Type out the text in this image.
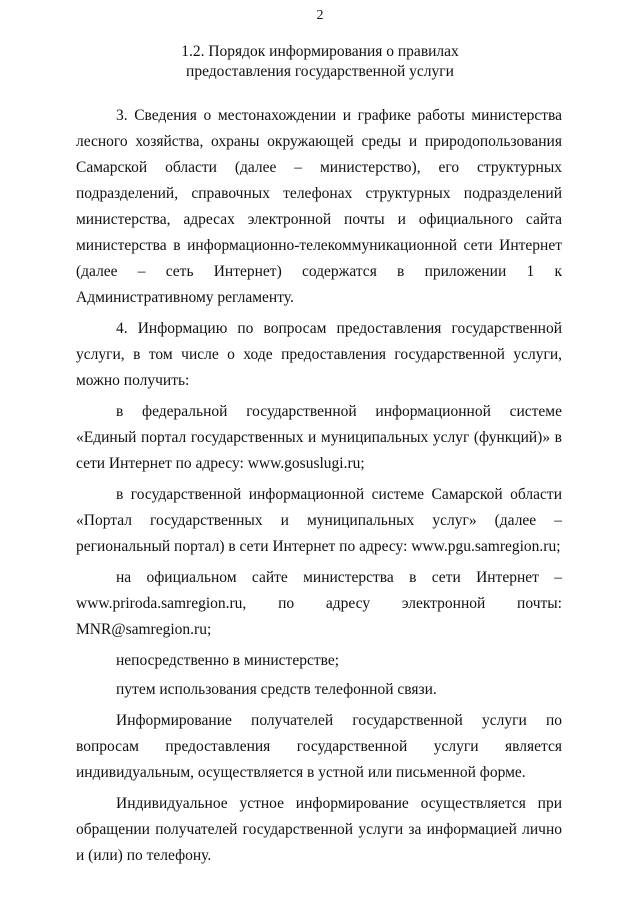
2
1.2. Порядок информирования о правилах
предоставления государственной услуги

3. Сведения о местонахождении и графике работы министерства лесного хозяйства, охраны окружающей среды и природопользования Самарской области (далее – министерство), его структурных подразделений, справочных телефонах структурных подразделений министерства, адресах электронной почты и официального сайта министерства в информационно-телекоммуникационной сети Интернет (далее – сеть Интернет) содержатся в приложении 1 к Административному регламенту.

4. Информацию по вопросам предоставления государственной услуги, в том числе о ходе предоставления государственной услуги, можно получить:

в федеральной государственной информационной системе «Единый портал государственных и муниципальных услуг (функций)» в сети Интернет по адресу: www.gosuslugi.ru;

в государственной информационной системе Самарской области «Портал государственных и муниципальных услуг» (далее – региональный портал) в сети Интернет по адресу: www.pgu.samregion.ru;

на официальном сайте министерства в сети Интернет – www.priroda.samregion.ru, по адресу электронной почты: MNR@samregion.ru;

непосредственно в министерстве;

путем использования средств телефонной связи.

Информирование получателей государственной услуги по вопросам предоставления государственной услуги является индивидуальным, осуществляется в устной или письменной форме.

Индивидуальное устное информирование осуществляется при обращении получателей государственной услуги за информацией лично и (или) по телефону.
